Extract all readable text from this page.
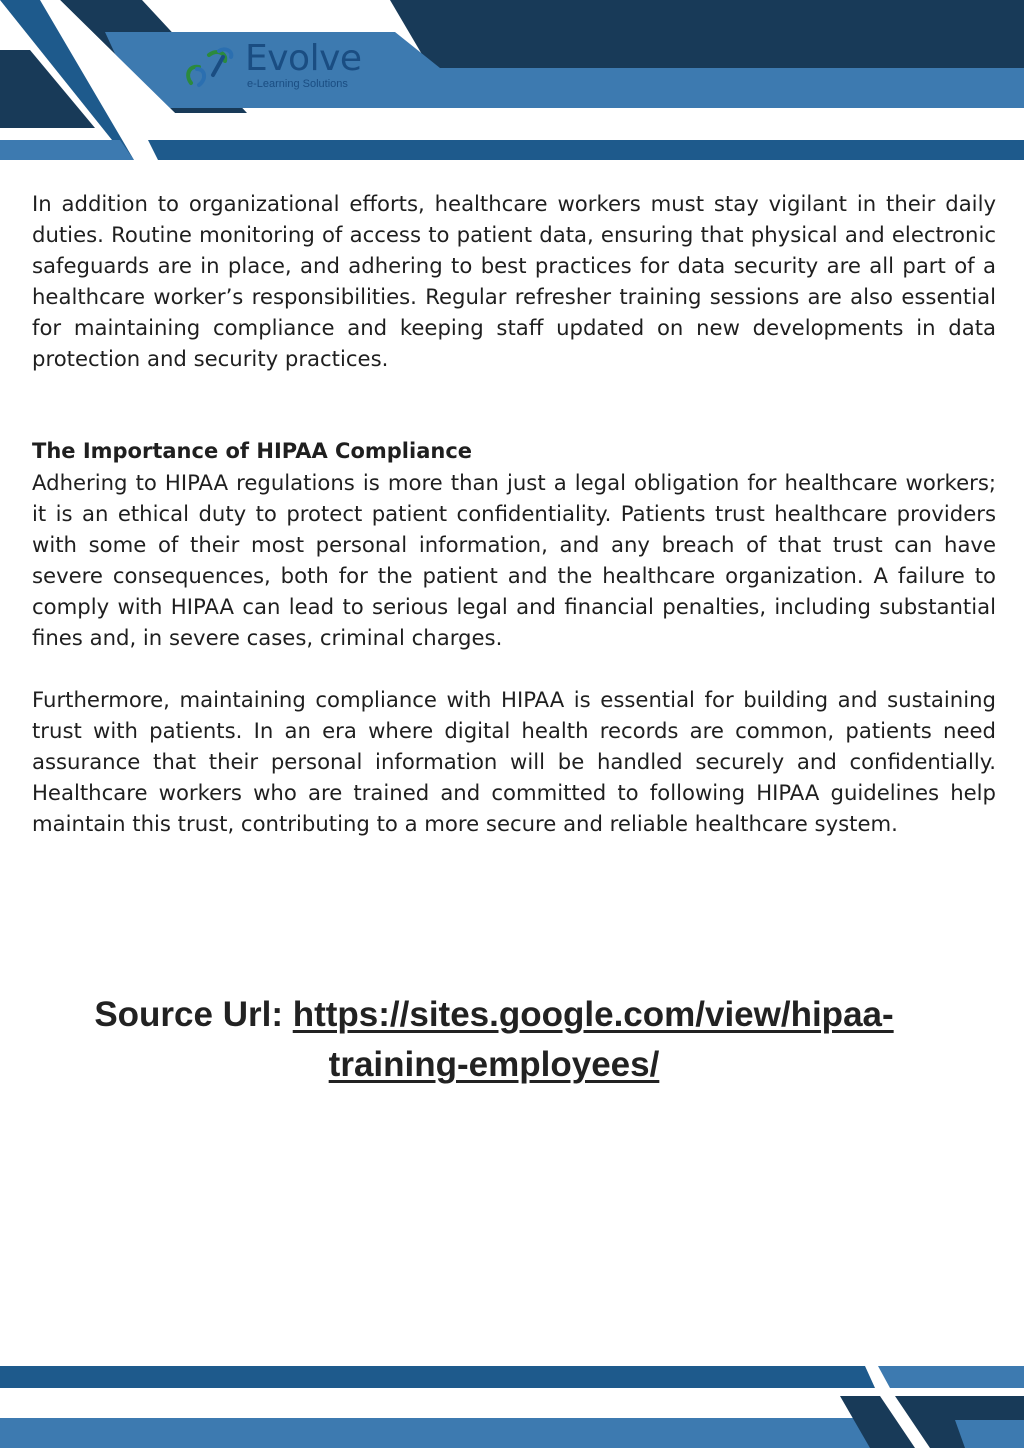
Evolve
e-Learning Solutions

In addition to organizational efforts, healthcare workers must stay vigilant in their daily duties. Routine monitoring of access to patient data, ensuring that physical and electronic safeguards are in place, and adhering to best practices for data security are all part of a healthcare worker’s responsibilities. Regular refresher training sessions are also essential for maintaining compliance and keeping staff updated on new developments in data protection and security practices.

The Importance of HIPAA Compliance

Adhering to HIPAA regulations is more than just a legal obligation for healthcare workers; it is an ethical duty to protect patient confidentiality. Patients trust healthcare providers with some of their most personal information, and any breach of that trust can have severe consequences, both for the patient and the healthcare organization. A failure to comply with HIPAA can lead to serious legal and financial penalties, including substantial fines and, in severe cases, criminal charges.

Furthermore, maintaining compliance with HIPAA is essential for building and sustaining trust with patients. In an era where digital health records are common, patients need assurance that their personal information will be handled securely and confidentially. Healthcare workers who are trained and committed to following HIPAA guidelines help maintain this trust, contributing to a more secure and reliable healthcare system.

Source Url: https://sites.google.com/view/hipaa-training-employees/
